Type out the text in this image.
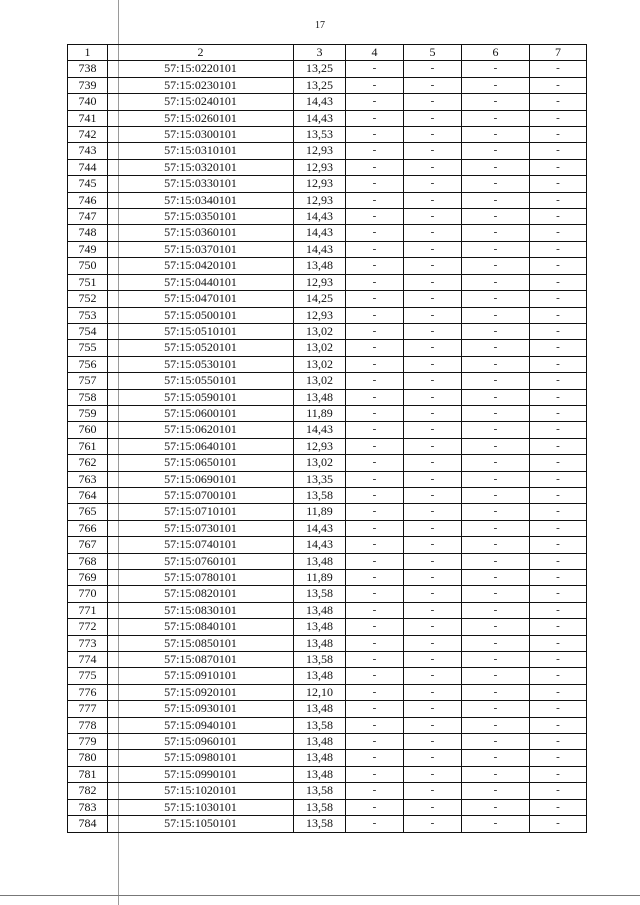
17
1	2	3	4	5	6	7
738	57:15:0220101	13,25	-	-	-	-
739	57:15:0230101	13,25	-	-	-	-
740	57:15:0240101	14,43	-	-	-	-
741	57:15:0260101	14,43	-	-	-	-
742	57:15:0300101	13,53	-	-	-	-
743	57:15:0310101	12,93	-	-	-	-
744	57:15:0320101	12,93	-	-	-	-
745	57:15:0330101	12,93	-	-	-	-
746	57:15:0340101	12,93	-	-	-	-
747	57:15:0350101	14,43	-	-	-	-
748	57:15:0360101	14,43	-	-	-	-
749	57:15:0370101	14,43	-	-	-	-
750	57:15:0420101	13,48	-	-	-	-
751	57:15:0440101	12,93	-	-	-	-
752	57:15:0470101	14,25	-	-	-	-
753	57:15:0500101	12,93	-	-	-	-
754	57:15:0510101	13,02	-	-	-	-
755	57:15:0520101	13,02	-	-	-	-
756	57:15:0530101	13,02	-	-	-	-
757	57:15:0550101	13,02	-	-	-	-
758	57:15:0590101	13,48	-	-	-	-
759	57:15:0600101	11,89	-	-	-	-
760	57:15:0620101	14,43	-	-	-	-
761	57:15:0640101	12,93	-	-	-	-
762	57:15:0650101	13,02	-	-	-	-
763	57:15:0690101	13,35	-	-	-	-
764	57:15:0700101	13,58	-	-	-	-
765	57:15:0710101	11,89	-	-	-	-
766	57:15:0730101	14,43	-	-	-	-
767	57:15:0740101	14,43	-	-	-	-
768	57:15:0760101	13,48	-	-	-	-
769	57:15:0780101	11,89	-	-	-	-
770	57:15:0820101	13,58	-	-	-	-
771	57:15:0830101	13,48	-	-	-	-
772	57:15:0840101	13,48	-	-	-	-
773	57:15:0850101	13,48	-	-	-	-
774	57:15:0870101	13,58	-	-	-	-
775	57:15:0910101	13,48	-	-	-	-
776	57:15:0920101	12,10	-	-	-	-
777	57:15:0930101	13,48	-	-	-	-
778	57:15:0940101	13,58	-	-	-	-
779	57:15:0960101	13,48	-	-	-	-
780	57:15:0980101	13,48	-	-	-	-
781	57:15:0990101	13,48	-	-	-	-
782	57:15:1020101	13,58	-	-	-	-
783	57:15:1030101	13,58	-	-	-	-
784	57:15:1050101	13,58	-	-	-	-
